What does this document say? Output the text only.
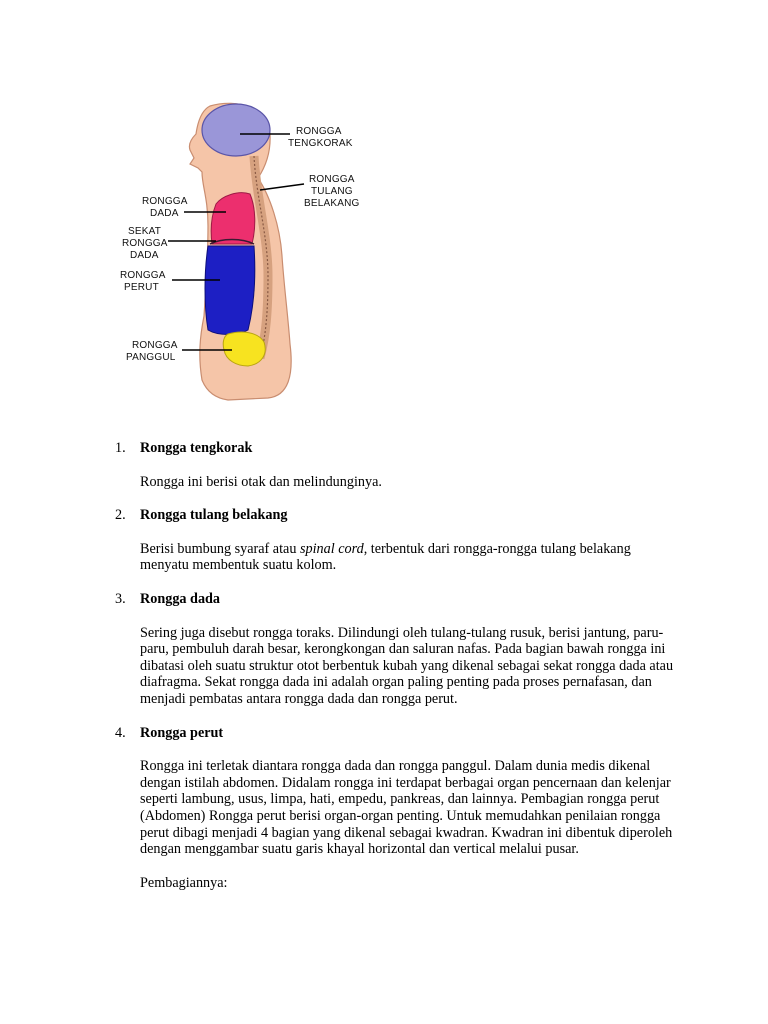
RONGGA TENGKORAK
RONGGA TULANG BELAKANG
RONGGA DADA
SEKAT RONGGA DADA
RONGGA PERUT
RONGGA PANGGUL
1.	Rongga tengkorak

Rongga ini berisi otak dan melindunginya.

2.	Rongga tulang belakang

Berisi bumbung syaraf atau spinal cord, terbentuk dari rongga-rongga tulang belakang menyatu membentuk suatu kolom.

3.	Rongga dada

Sering juga disebut rongga toraks. Dilindungi oleh tulang-tulang rusuk, berisi jantung, paru-paru, pembuluh darah besar, kerongkongan dan saluran nafas. Pada bagian bawah rongga ini dibatasi oleh suatu struktur otot berbentuk kubah yang dikenal sebagai sekat rongga dada atau diafragma. Sekat rongga dada ini adalah organ paling penting pada proses pernafasan, dan menjadi pembatas antara rongga dada dan rongga perut.

4.	Rongga perut

Rongga ini terletak diantara rongga dada dan rongga panggul. Dalam dunia medis dikenal dengan istilah abdomen. Didalam rongga ini terdapat berbagai organ pencernaan dan kelenjar seperti lambung, usus, limpa, hati, empedu, pankreas, dan lainnya. Pembagian rongga perut (Abdomen) Rongga perut berisi organ-organ penting. Untuk memudahkan penilaian rongga perut dibagi menjadi 4 bagian yang dikenal sebagai kwadran. Kwadran ini dibentuk diperoleh dengan menggambar suatu garis khayal horizontal dan vertical melalui pusar.

Pembagiannya:
